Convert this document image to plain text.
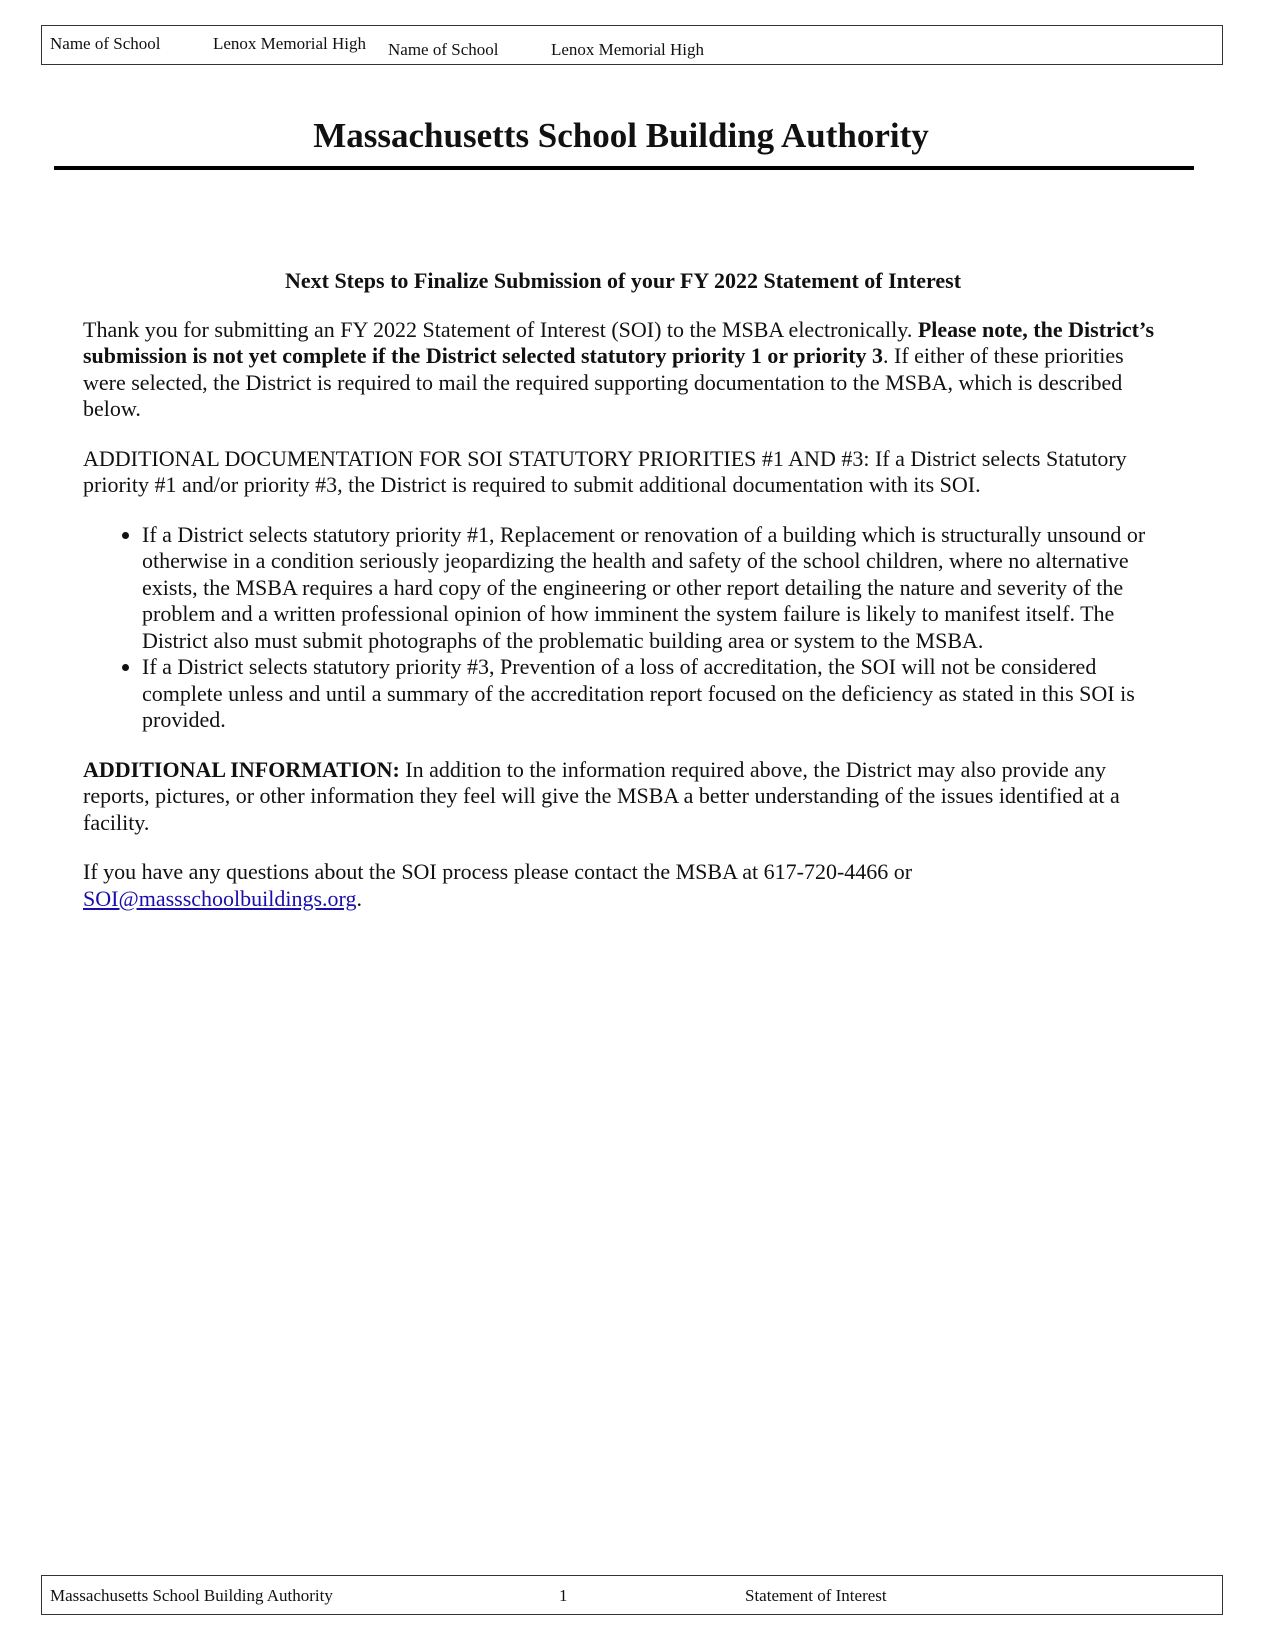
Name of School	Lenox Memorial High Name of School	Lenox Memorial High
Massachusetts School Building Authority
Next Steps to Finalize Submission of your FY 2022 Statement of Interest

Thank you for submitting an FY 2022 Statement of Interest (SOI) to the MSBA electronically. Please note, the District’s submission is not yet complete if the District selected statutory priority 1 or priority 3. If either of these priorities were selected, the District is required to mail the required supporting documentation to the MSBA, which is described below.

ADDITIONAL DOCUMENTATION FOR SOI STATUTORY PRIORITIES #1 AND #3: If a District selects Statutory priority #1 and/or priority #3, the District is required to submit additional documentation with its SOI.

• If a District selects statutory priority #1, Replacement or renovation of a building which is structurally unsound or otherwise in a condition seriously jeopardizing the health and safety of the school children, where no alternative exists, the MSBA requires a hard copy of the engineering or other report detailing the nature and severity of the problem and a written professional opinion of how imminent the system failure is likely to manifest itself. The District also must submit photographs of the problematic building area or system to the MSBA.
• If a District selects statutory priority #3, Prevention of a loss of accreditation, the SOI will not be considered complete unless and until a summary of the accreditation report focused on the deficiency as stated in this SOI is provided.

ADDITIONAL INFORMATION: In addition to the information required above, the District may also provide any reports, pictures, or other information they feel will give the MSBA a better understanding of the issues identified at a facility.

If you have any questions about the SOI process please contact the MSBA at 617-720-4466 or SOI@massschoolbuildings.org.

Massachusetts School Building Authority	1	Statement of Interest
